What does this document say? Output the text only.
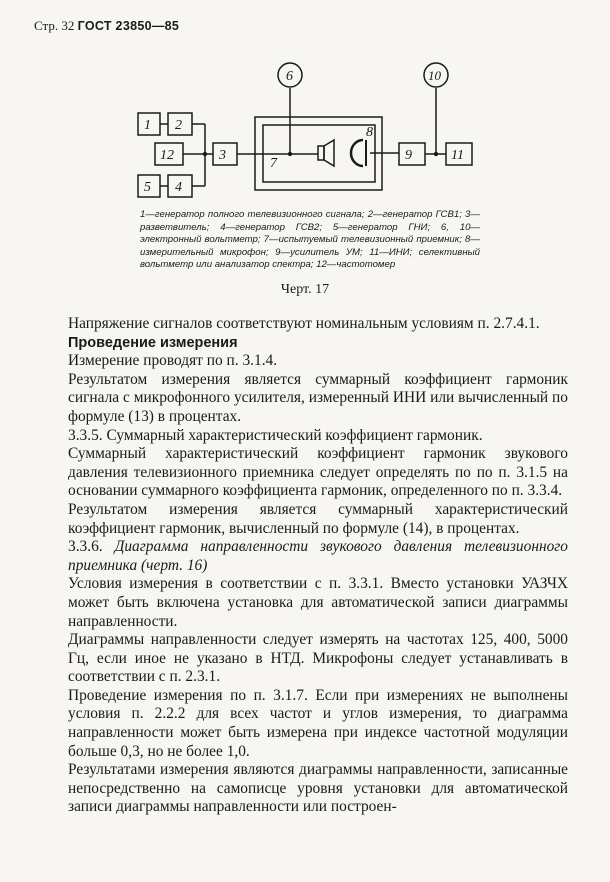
Стр. 32 ГОСТ 23850—85
1 2
3
4
5
6
7
8
9
10
11
12
1—генератор полного телевизионного сигнала; 2—генератор ГСВ1; 3—разветвитель; 4—генератор ГСВ2; 5—генератор ГНИ; 6, 10—электронный вольтметр; 7—испытуемый телевизионный приемник; 8—измерительный микрофон; 9—усилитель УМ; 11—ИНИ; селективный вольтметр или анализатор спектра; 12—частотомер
Черт. 17

Напряжение сигналов соответствуют номинальным условиям п. 2.7.4.1.

Проведение измерения

Измерение проводят по п. 3.1.4.

Результатом измерения является суммарный коэффициент гармоник сигнала с микрофонного усилителя, измеренный ИНИ или вычисленный по формуле (13) в процентах.

3.3.5. Суммарный характеристический коэффициент гармоник.

Суммарный характеристический коэффициент гармоник звукового давления телевизионного приемника следует определять по по п. 3.1.5 на основании суммарного коэффициента гармоник, определенного по п. 3.3.4.

Результатом измерения является суммарный характеристический коэффициент гармоник, вычисленный по формуле (14), в процентах.

3.3.6. Диаграмма направленности звукового давления телевизионного приемника (черт. 16)

Условия измерения в соответствии с п. 3.3.1. Вместо установки УАЗЧХ может быть включена установка для автоматической записи диаграммы направленности.

Диаграммы направленности следует измерять на частотах 125, 400, 5000 Гц, если иное не указано в НТД. Микрофоны следует устанавливать в соответствии с п. 2.3.1.

Проведение измерения по п. 3.1.7. Если при измерениях не выполнены условия п. 2.2.2 для всех частот и углов измерения, то диаграмма направленности может быть измерена при индексе частотной модуляции больше 0,3, но не более 1,0.

Результатами измерения являются диаграммы направленности, записанные непосредственно на самописце уровня установки для автоматической записи диаграммы направленности или построен-
